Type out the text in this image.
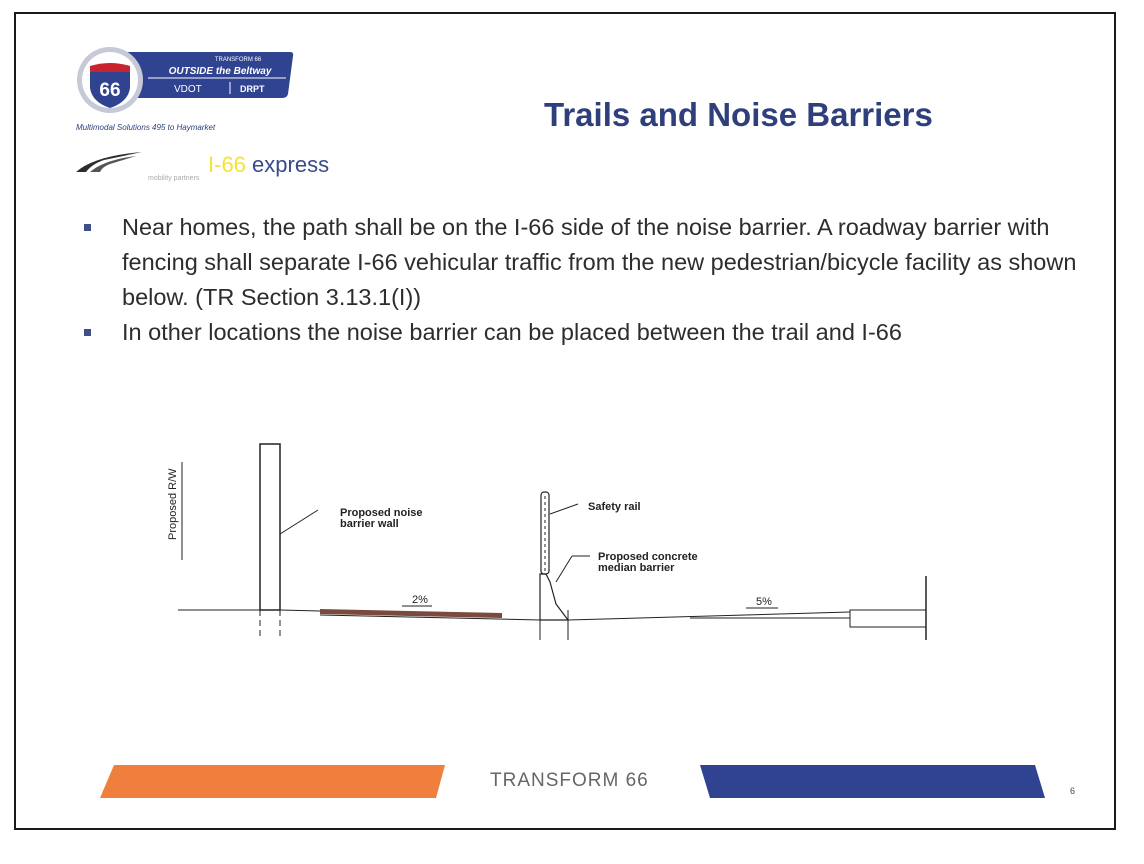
TRANSFORM 66
OUTSIDE the Beltway
VDOT	DRPT
66
Multimodal Solutions 495 to Haymarket
I-66 express
mobility partners
Trails and Noise Barriers
Near homes, the path shall be on the I-66 side of the noise barrier. A roadway barrier with fencing shall separate I-66 vehicular traffic from the new pedestrian/bicycle facility as shown below. (TR Section 3.13.1(I))
In other locations the noise barrier can be placed between the trail and I-66
Proposed R/W	Proposed noise
barrier wall
2%
Safety rail
Proposed concrete
median barrier
5%
TRANSFORM 66	6
